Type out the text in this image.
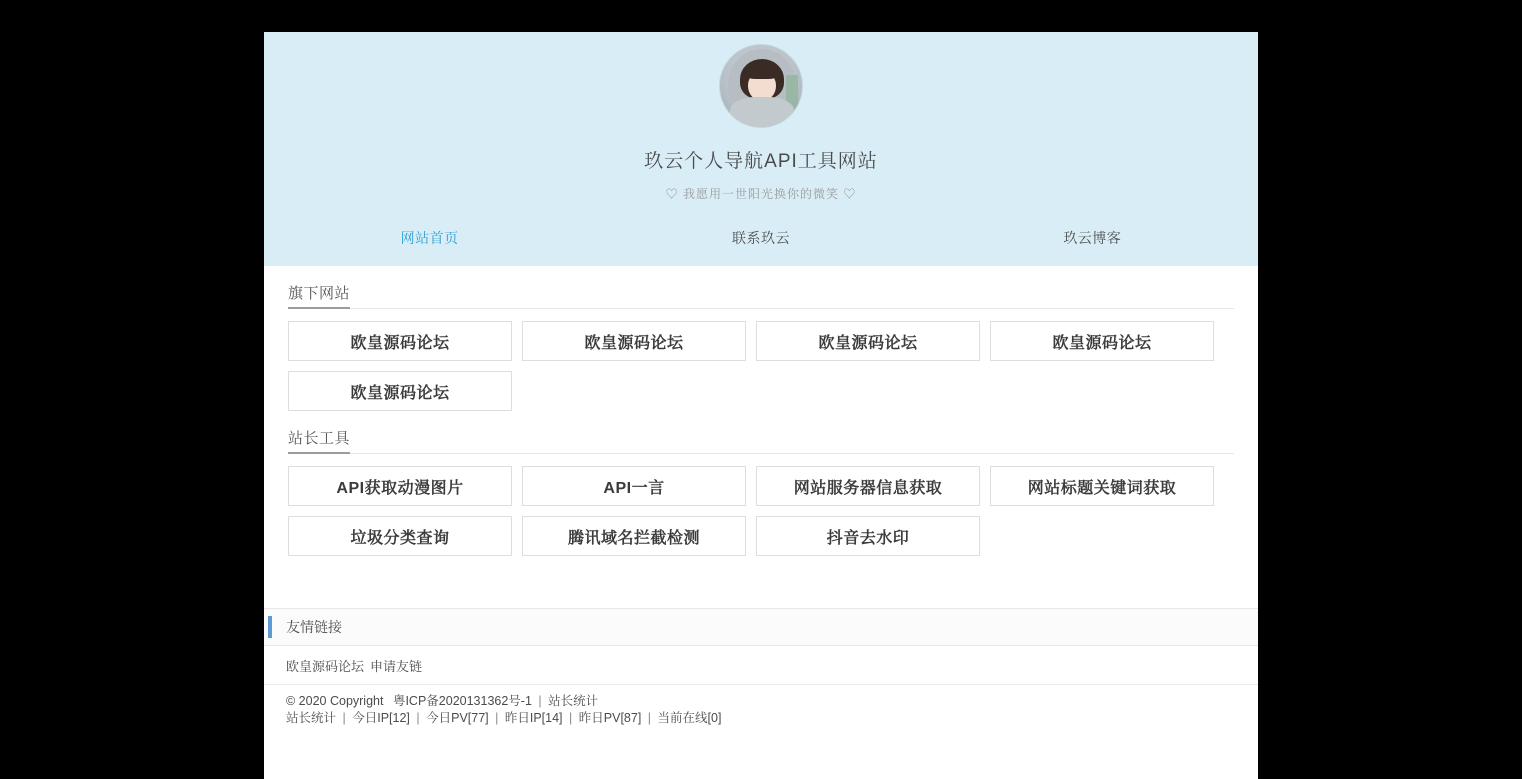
玖云个人导航API工具网站
♡ 我愿用一世阳光换你的微笑 ♡
网站首页	联系玖云	玖云博客
旗下网站
欧皇源码论坛	欧皇源码论坛	欧皇源码论坛	欧皇源码论坛
欧皇源码论坛
站长工具
API获取动漫图片	API一言	网站服务器信息获取	网站标题关键词获取
垃圾分类查询	腾讯域名拦截检测	抖音去水印
友情链接
欧皇源码论坛 申请友链
© 2020 Copyright 粤ICP备2020131362号-1 | 站长统计
站长统计 | 今日IP[12] | 今日PV[77] | 昨日IP[14] | 昨日PV[87] | 当前在线[0]
